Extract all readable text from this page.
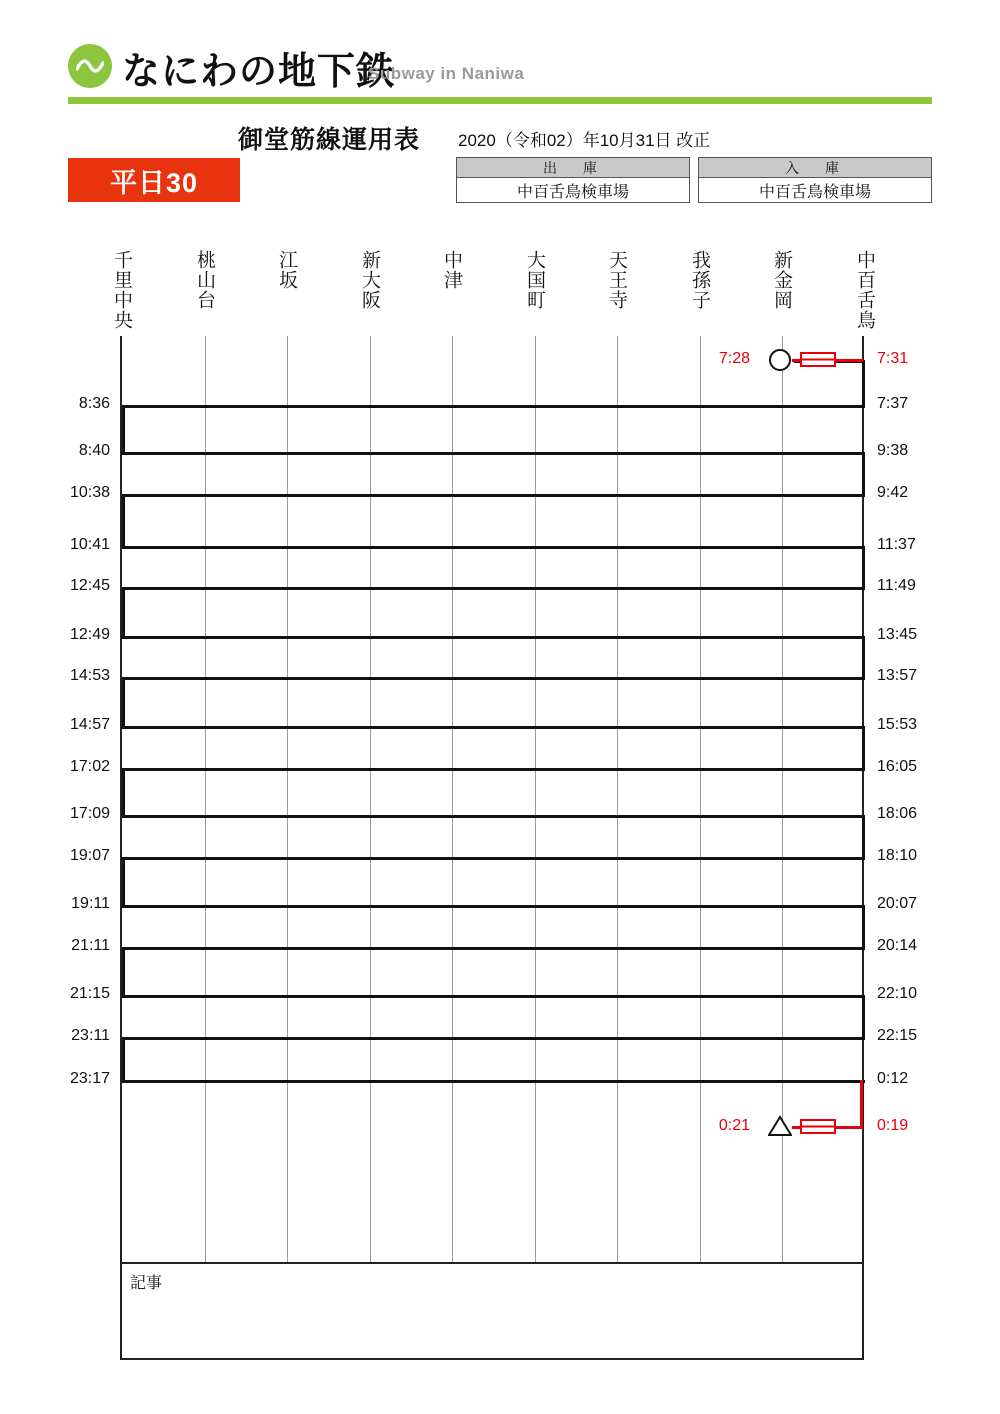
なにわの地下鉄
Subway in Naniwa
御堂筋線運用表 2020（令和02）年10月31日 改正
平日30	出　庫
中百舌鳥検車場
入　庫
中百舌鳥検車場
千里中央	桃山台	江坂	新大阪	中津	大国町	天王寺	我孫子	新金岡	中百舌鳥
記事
8:36	7:37
8:40	9:38
10:38	9:42
10:41	11:37
12:45	11:49
12:49	13:45
14:53	13:57
14:57	15:53
17:02	16:05
17:09	18:06
19:07	18:10
19:11	20:07
21:11	20:14
21:15	22:10
23:11	22:15
23:17	0:12
7:28	7:31
0:21	0:19
